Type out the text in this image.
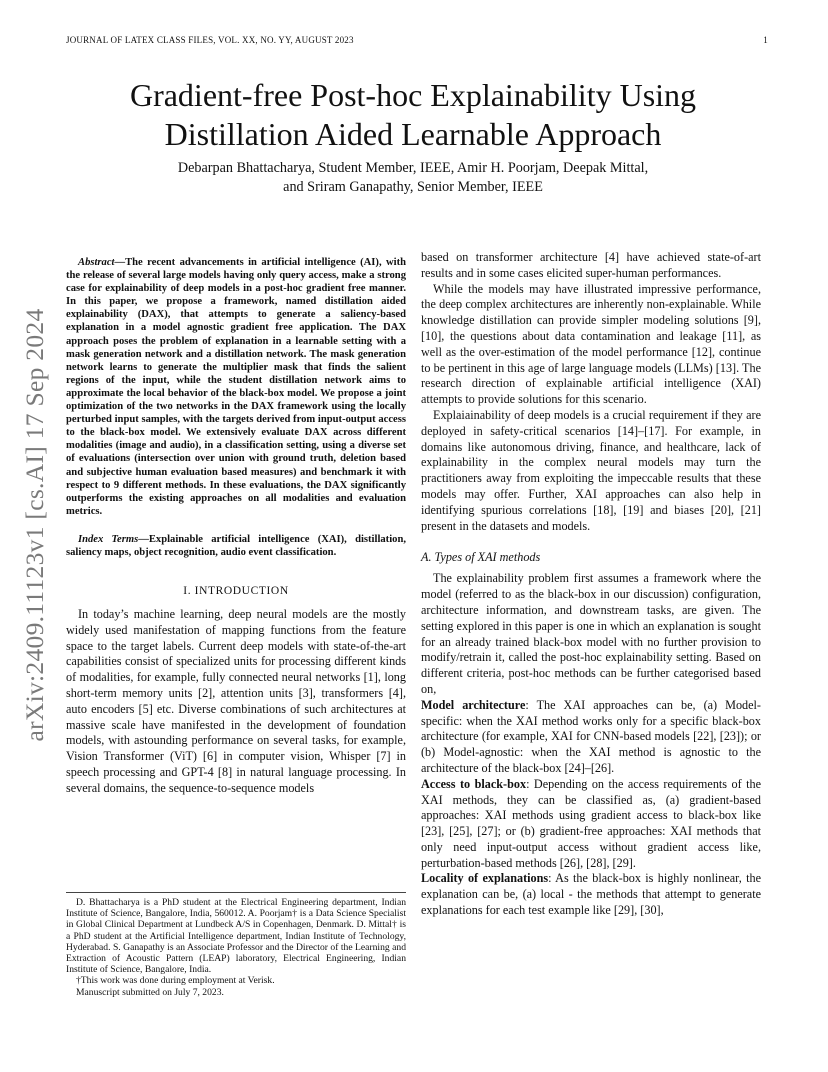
JOURNAL OF LATEX CLASS FILES, VOL. XX, NO. YY, AUGUST 2023	1
arXiv:2409.11123v1 [cs.AI] 17 Sep 2024
Gradient-free Post-hoc Explainability Using Distillation Aided Learnable Approach
Debarpan Bhattacharya, Student Member, IEEE, Amir H. Poorjam, Deepak Mittal,
and Sriram Ganapathy, Senior Member, IEEE

Abstract—The recent advancements in artificial intelligence (AI), with the release of several large models having only query access, make a strong case for explainability of deep models in a post-hoc gradient free manner. In this paper, we propose a framework, named distillation aided explainability (DAX), that attempts to generate a saliency-based explanation in a model agnostic gradient free application. The DAX approach poses the problem of explanation in a learnable setting with a mask generation network and a distillation network. The mask generation network learns to generate the multiplier mask that finds the salient regions of the input, while the student distillation network aims to approximate the local behavior of the black-box model. We propose a joint optimization of the two networks in the DAX framework using the locally perturbed input samples, with the targets derived from input-output access to the black-box model. We extensively evaluate DAX across different modalities (image and audio), in a classification setting, using a diverse set of evaluations (intersection over union with ground truth, deletion based and subjective human evaluation based measures) and benchmark it with respect to 9 different methods. In these evaluations, the DAX significantly outperforms the existing approaches on all modalities and evaluation metrics.

Index Terms—Explainable artificial intelligence (XAI), distillation, saliency maps, object recognition, audio event classification.

I. INTRODUCTION

In today’s machine learning, deep neural models are the mostly widely used manifestation of mapping functions from the feature space to the target labels. Current deep models with state-of-the-art capabilities consist of specialized units for processing different kinds of modalities, for example, fully connected neural networks [1], long short-term memory units [2], attention units [3], transformers [4], auto encoders [5] etc. Diverse combinations of such architectures at massive scale have manifested in the development of foundation models, with astounding performance on several tasks, for example, Vision Transformer (ViT) [6] in computer vision, Whisper [7] in speech processing and GPT-4 [8] in natural language processing. In several domains, the sequence-to-sequence models

D. Bhattacharya is a PhD student at the Electrical Engineering department, Indian Institute of Science, Bangalore, India, 560012. A. Poorjam† is a Data Science Specialist in Global Clinical Department at Lundbeck A/S in Copenhagen, Denmark. D. Mittal† is a PhD student at the Artificial Intelligence department, Indian Institute of Technology, Hyderabad. S. Ganapathy is an Associate Professor and the Director of the Learning and Extraction of Acoustic Pattern (LEAP) laboratory, Electrical Engineering, Indian Institute of Science, Bangalore, India.

†This work was done during employment at Verisk.

Manuscript submitted on July 7, 2023.

based on transformer architecture [4] have achieved state-of-art results and in some cases elicited super-human performances.

While the models may have illustrated impressive performance, the deep complex architectures are inherently non-explainable. While knowledge distillation can provide simpler modeling solutions [9], [10], the questions about data contamination and leakage [11], as well as the over-estimation of the model performance [12], continue to be pertinent in this age of large language models (LLMs) [13]. The research direction of explainable artificial intelligence (XAI) attempts to provide solutions for this scenario.

Explaiainability of deep models is a crucial requirement if they are deployed in safety-critical scenarios [14]–[17]. For example, in domains like autonomous driving, finance, and healthcare, lack of explainability in the complex neural models may turn the practitioners away from exploiting the impeccable results that these models may offer. Further, XAI approaches can also help in identifying spurious correlations [18], [19] and biases [20], [21] present in the datasets and models.

A. Types of XAI methods

The explainability problem first assumes a framework where the model (referred to as the black-box in our discussion) configuration, architecture information, and downstream tasks, are given. The setting explored in this paper is one in which an explanation is sought for an already trained black-box model with no further provision to modify/retrain it, called the post-hoc explainability setting. Based on different criteria, post-hoc methods can be further categorised based on,

Model architecture: The XAI approaches can be, (a) Model-specific: when the XAI method works only for a specific black-box architecture (for example, XAI for CNN-based models [22], [23]); or (b) Model-agnostic: when the XAI method is agnostic to the architecture of the black-box [24]–[26].

Access to black-box: Depending on the access requirements of the XAI methods, they can be classified as, (a) gradient-based approaches: XAI methods using gradient access to black-box like [23], [25], [27]; or (b) gradient-free approaches: XAI methods that only need input-output access without gradient access like, perturbation-based methods [26], [28], [29].

Locality of explanations: As the black-box is highly nonlinear, the explanation can be, (a) local - the methods that attempt to generate explanations for each test example like [29], [30],
